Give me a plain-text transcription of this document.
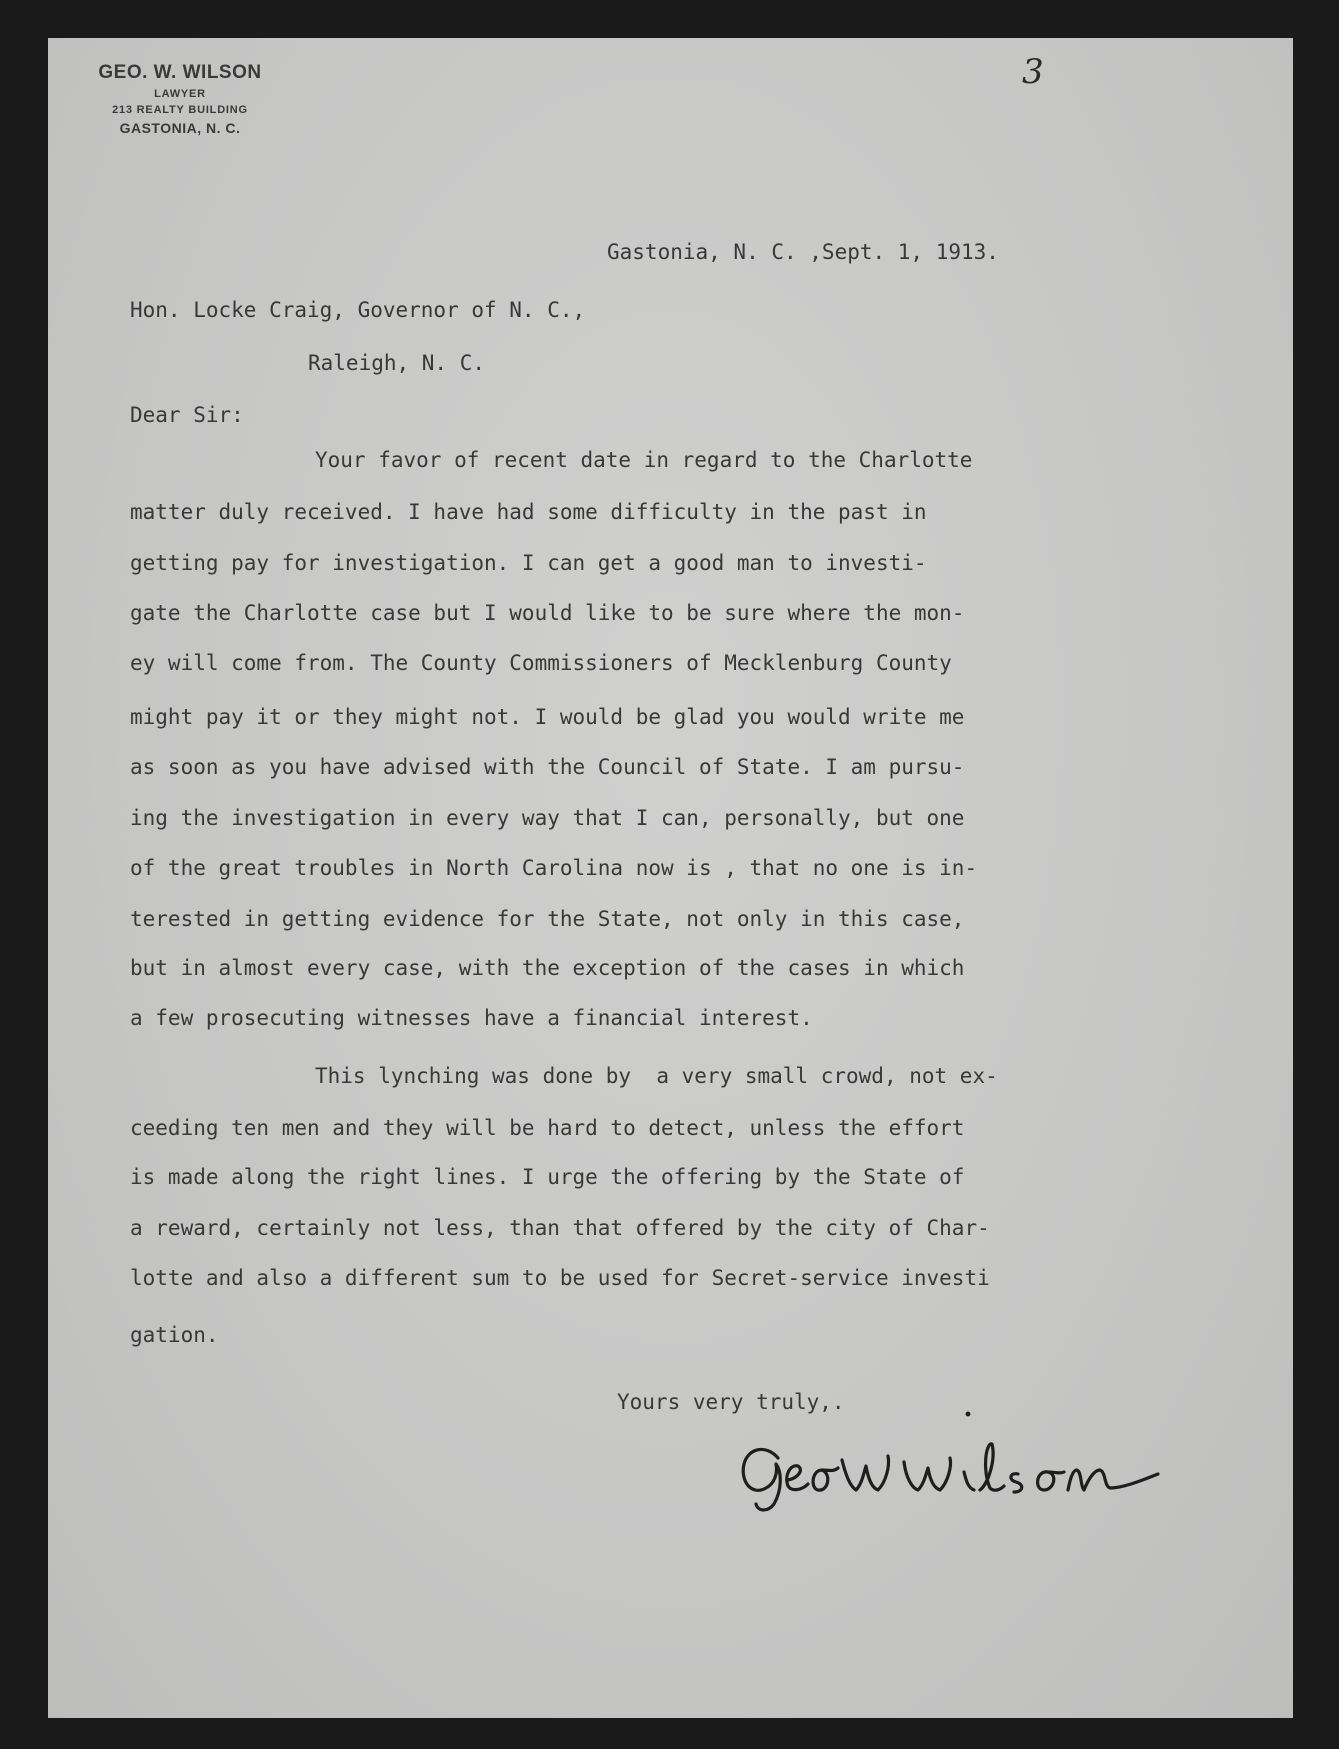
GEO. W. WILSON
LAWYER
213 REALTY BUILDING
GASTONIA, N. C.
3
Gastonia, N. C. ,Sept. 1, 1913.
Hon. Locke Craig, Governor of N. C.,
Raleigh, N. C.
Dear Sir:
Your favor of recent date in regard to the Charlotte
matter duly received. I have had some difficulty in the past in
getting pay for investigation. I can get a good man to investi-
gate the Charlotte case but I would like to be sure where the mon-
ey will come from. The County Commissioners of Mecklenburg County
might pay it or they might not. I would be glad you would write me
as soon as you have advised with the Council of State. I am pursu-
ing the investigation in every way that I can, personally, but one
of the great troubles in North Carolina now is , that no one is in-
terested in getting evidence for the State, not only in this case,
but in almost every case, with the exception of the cases in which
a few prosecuting witnesses have a financial interest.
This lynching was done by  a very small crowd, not ex-
ceeding ten men and they will be hard to detect, unless the effort
is made along the right lines. I urge the offering by the State of
a reward, certainly not less, than that offered by the city of Char-
lotte and also a different sum to be used for Secret-service investi
gation.
Yours very truly,.
